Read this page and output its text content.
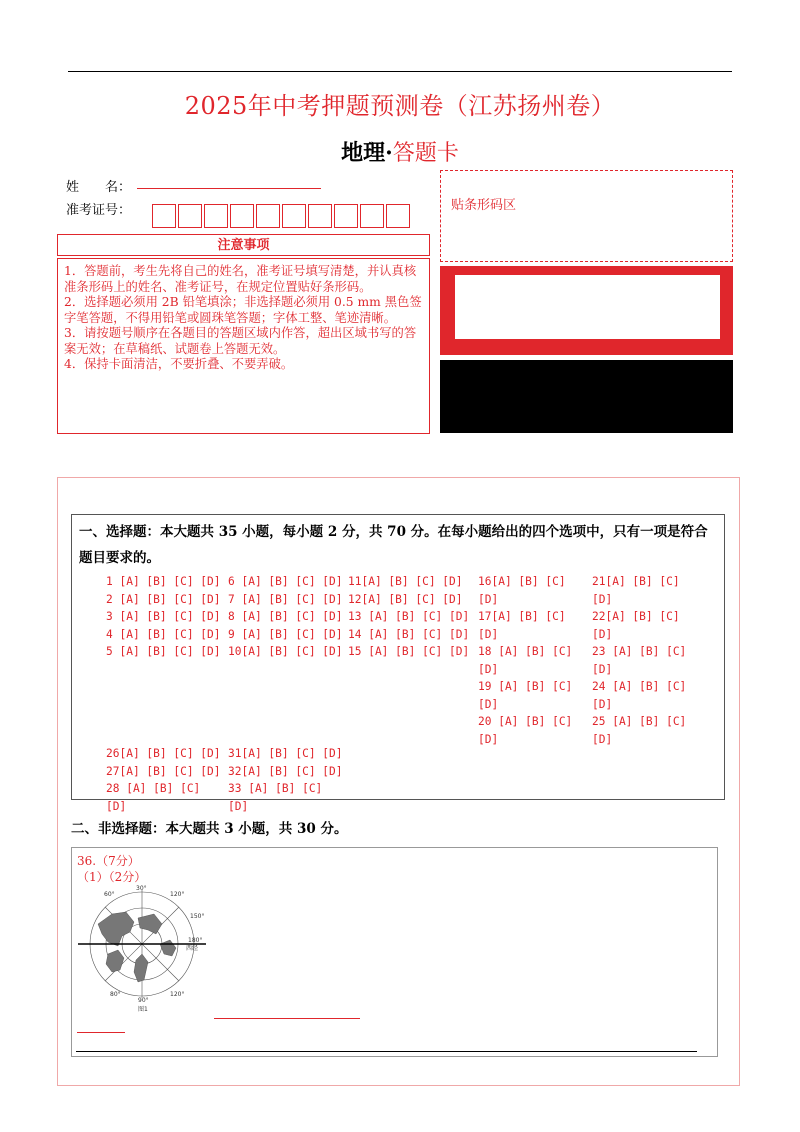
2025年中考押题预测卷（江苏扬州卷）
地理·答题卡
姓　　名：
准考证号：
注意事项

1．答题前，考生先将自己的姓名，准考证号填写清楚，并认真核准条形码上的姓名、准考证号，在规定位置贴好条形码。

2．选择题必须用 2B 铅笔填涂；非选择题必须用 0.5 mm 黑色签字笔答题，不得用铅笔或圆珠笔答题；字体工整、笔迹清晰。

3．请按题号顺序在各题目的答题区域内作答，超出区域书写的答案无效；在草稿纸、试题卷上答题无效。

4．保持卡面清洁，不要折叠、不要弄破。

贴条形码区
一、选择题：本大题共 35 小题，每小题 2 分，共 70 分。在每小题给出的四个选项中，只有一项是符合
题目要求的。
1 [A] [B] [C] [D]
2 [A] [B] [C] [D]
3 [A] [B] [C] [D]
4 [A] [B] [C] [D]
5 [A] [B] [C] [D]
6 [A] [B] [C] [D]
7 [A] [B] [C] [D]
8 [A] [B] [C] [D]
9 [A] [B] [C] [D]
10[A] [B] [C] [D]
11[A] [B] [C] [D]
12[A] [B] [C] [D]
13 [A] [B] [C] [D]
14 [A] [B] [C] [D]
15 [A] [B] [C] [D]
16[A] [B] [C]
[D]
17[A] [B] [C]
[D]
18 [A] [B] [C]
[D]
19 [A] [B] [C]
[D]
20 [A] [B] [C]
[D]
21[A] [B] [C]
[D]
22[A] [B] [C]
[D]
23 [A] [B] [C]
[D]
24 [A] [B] [C]
[D]
25 [A] [B] [C]
[D]
26[A] [B] [C] [D]
27[A] [B] [C] [D]
28 [A] [B] [C]
[D]
31[A] [B] [C] [D]
32[A] [B] [C] [D]
33 [A] [B] [C]
[D]
二、非选择题：本大题共 3 小题，共 30 分。
36.（7分）
（1）（2分）
60°
30°
120°
150°
180°
西经
80°
90°
120°
图1
